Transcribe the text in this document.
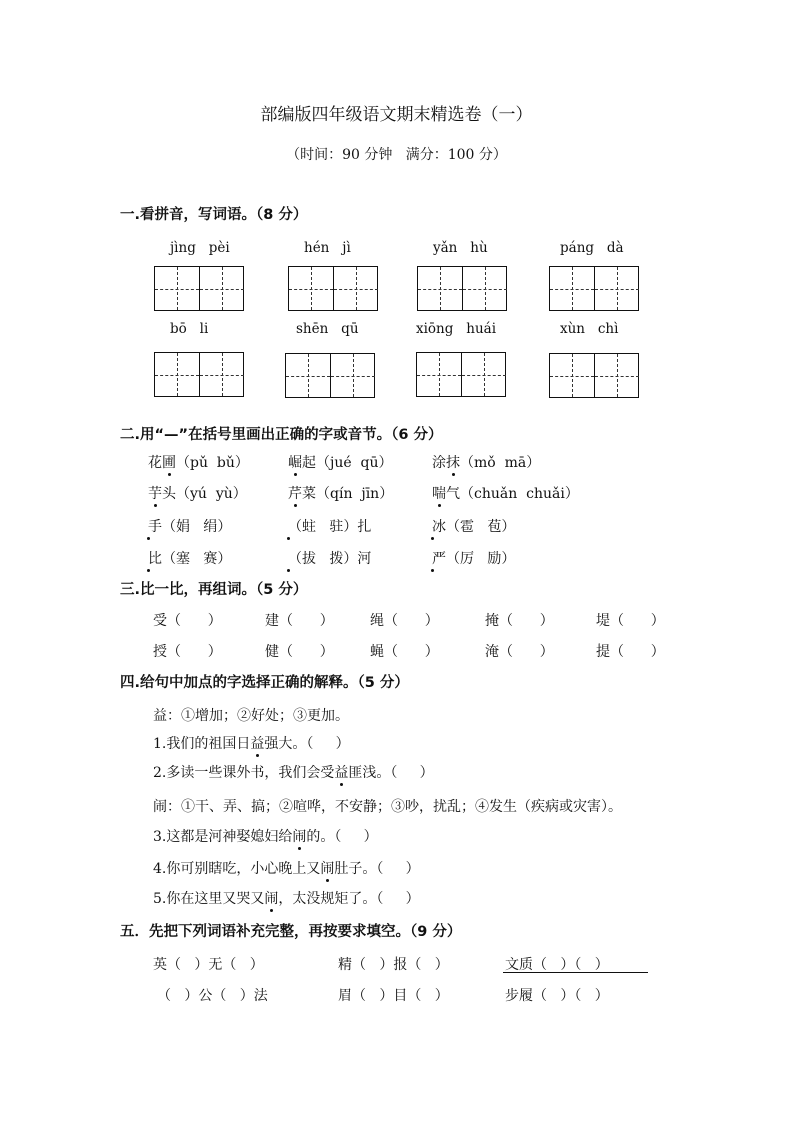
部编版四年级语文期末精选卷（一）
（时间：90 分钟   满分：100 分）
一.看拼音，写词语。（8 分）
jìng   pèi	hén   jì	yǎn   hù	páng   dà
bō   li	shēn   qū	xiōng   huái	xùn   chì
二.用“—”在括号里画出正确的字或音节。（6 分）
花圃（pǔ  bǔ）	崛起（jué  qū）	涂抹（mǒ  mā）
芋头（yú  yù）	芹菜（qín  jīn）	喘气（chuǎn  chuǎi）
手（娟   绢）	（蛀   驻）扎	冰（雹   苞）
比（塞   赛）	（拔   拨）河	严（厉   励）
三.比一比，再组词。（5 分）
受（      ）	建（      ）	绳（      ）	掩（      ）	堤（      ）
授（      ）	健（      ）	蝇（      ）	淹（      ）	提（      ）
四.给句中加点的字选择正确的解释。（5 分）
益：①增加；②好处；③更加。
1.我们的祖国日益强大。（     ）
2.多读一些课外书，我们会受益匪浅。（     ）
闹：①干、弄、搞；②喧哗，不安静；③吵，扰乱；④发生（疾病或灾害）。
3.这都是河神娶媳妇给闹的。（     ）
4.你可别瞎吃，小心晚上又闹肚子。（     ）
5.你在这里又哭又闹，太没规矩了。（     ）
五．先把下列词语补充完整，再按要求填空。（9 分）
英（   ）无（   ）	精（   ）报（   ）	文质（   ）（   ）
（   ）公（   ）法	眉（   ）目（   ）	步履（   ）（   ）
